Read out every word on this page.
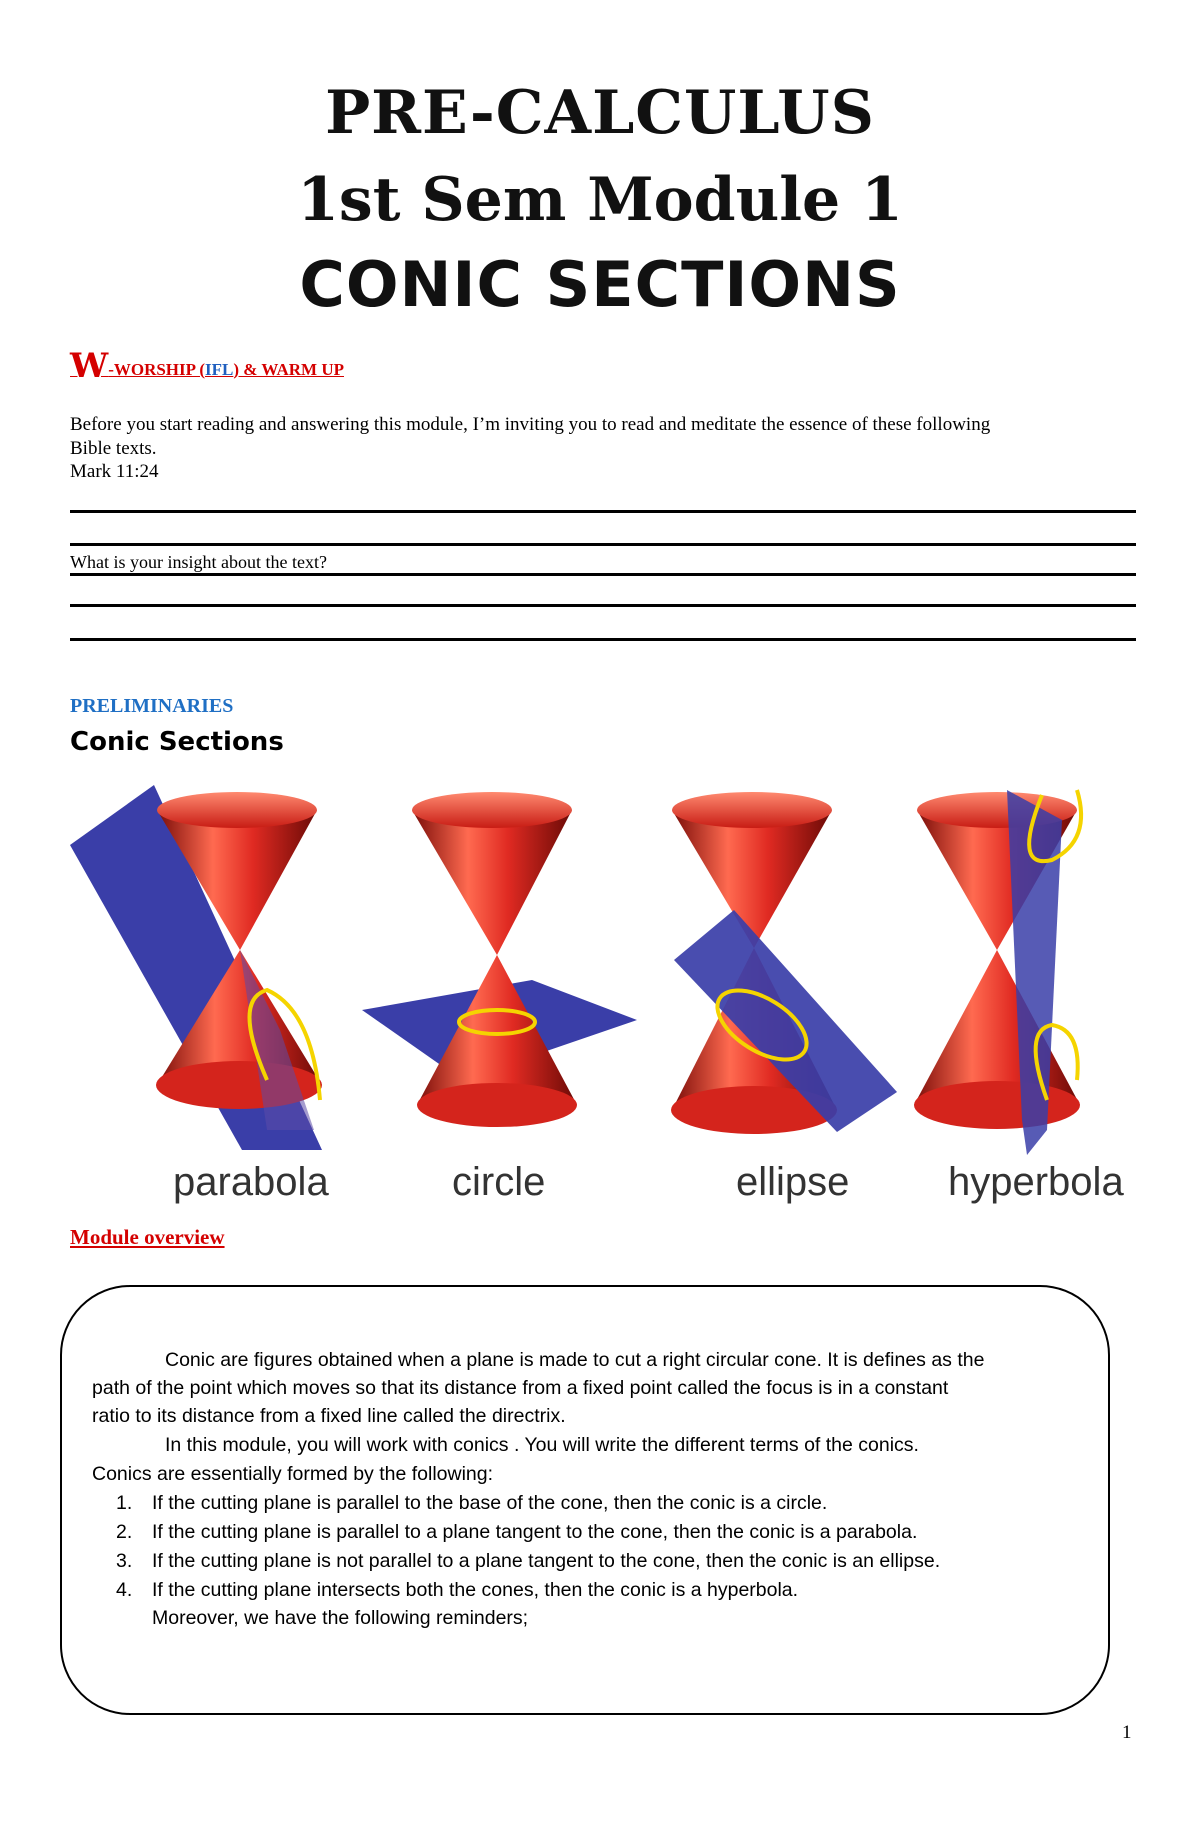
PRE-CALCULUS
1st Sem Module 1
CONIC SECTIONS
W-WORSHIP (IFL) & WARM UP
Before you start reading and answering this module, I’m inviting you to read and meditate the essence of these following
Bible texts.
Mark 11:24
What is your insight about the text?
PRELIMINARIES
Conic Sections
parabola	circle	ellipse hyperbola
Module overview
Conic are figures obtained when a plane is made to cut a right circular cone. It is defines as the
path of the point which moves so that its distance from a fixed point called the focus is in a constant
ratio to its distance from a fixed line called the directrix.
In this module, you will work with conics . You will write the different terms of the conics.
Conics are essentially formed by the following:
1. If the cutting plane is parallel to the base of the cone, then the conic is a circle.
2. If the cutting plane is parallel to a plane tangent to the cone, then the conic is a parabola.
3. If the cutting plane is not parallel to a plane tangent to the cone, then the conic is an ellipse.
4. If the cutting plane intersects both the cones, then the conic is a hyperbola.
Moreover, we have the following reminders;
1
